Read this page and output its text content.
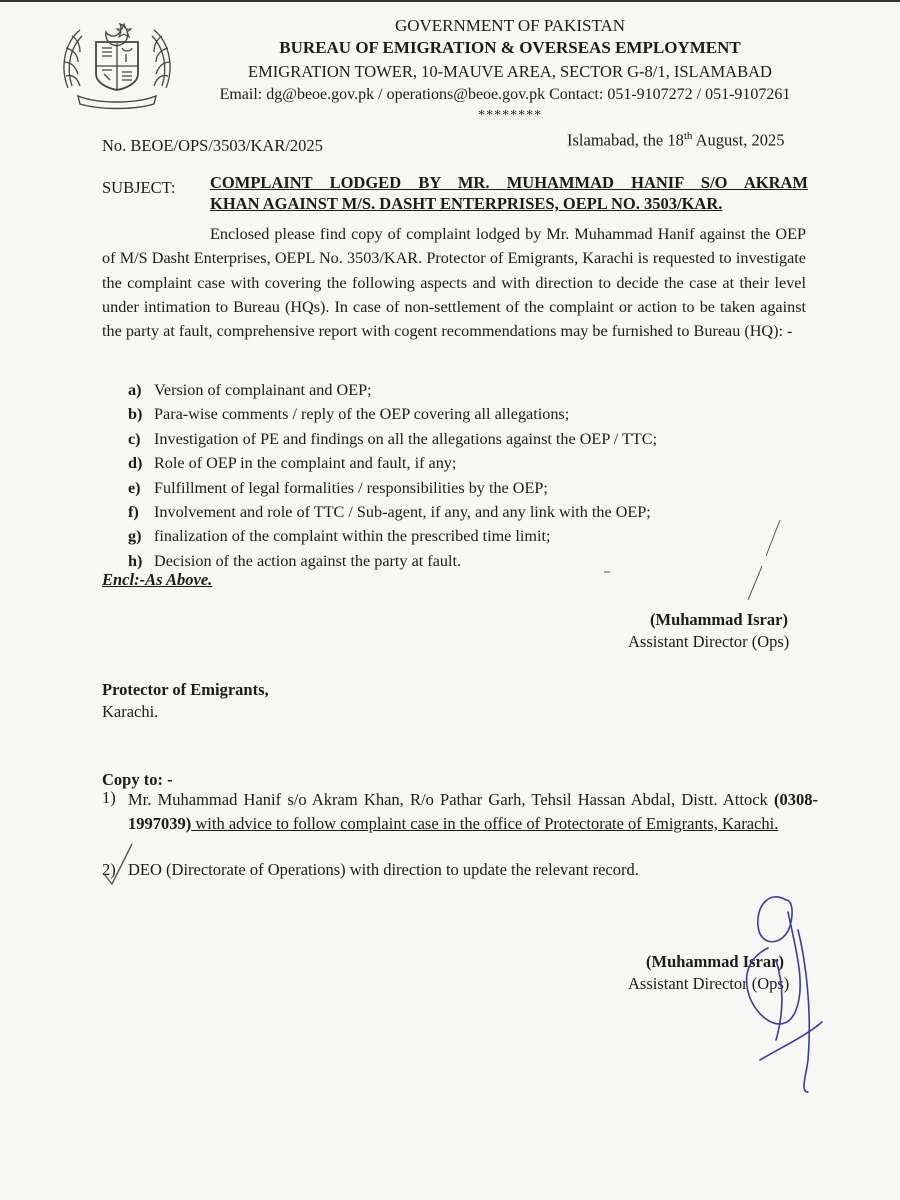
GOVERNMENT OF PAKISTAN
BUREAU OF EMIGRATION & OVERSEAS EMPLOYMENT
EMIGRATION TOWER, 10-MAUVE AREA, SECTOR G-8/1, ISLAMABAD
Email: dg@beoe.gov.pk / operations@beoe.gov.pk Contact: 051-9107272 / 051-9107261
********
No. BEOE/OPS/3503/KAR/2025	Islamabad, the 18th August, 2025
SUBJECT: COMPLAINT LODGED BY MR. MUHAMMAD HANIF S/O AKRAM
KHAN AGAINST M/S. DASHT ENTERPRISES, OEPL NO. 3503/KAR.

Enclosed please find copy of complaint lodged by Mr. Muhammad Hanif against the OEP of M/S Dasht Enterprises, OEPL No. 3503/KAR. Protector of Emigrants, Karachi is requested to investigate the complaint case with covering the following aspects and with direction to decide the case at their level under intimation to Bureau (HQs). In case of non-settlement of the complaint or action to be taken against the party at fault, comprehensive report with cogent recommendations may be furnished to Bureau (HQ): -

a) Version of complainant and OEP;
b) Para-wise comments / reply of the OEP covering all allegations;
c) Investigation of PE and findings on all the allegations against the OEP / TTC;
d) Role of OEP in the complaint and fault, if any;
e) Fulfillment of legal formalities / responsibilities by the OEP;
f) Involvement and role of TTC / Sub-agent, if any, and any link with the OEP;
g) finalization of the complaint within the prescribed time limit;
h) Decision of the action against the party at fault.
Encl:-As Above.
(Muhammad Israr)
Assistant Director (Ops)
Protector of Emigrants,
Karachi.
Copy to: -
1) Mr. Muhammad Hanif s/o Akram Khan, R/o Pathar Garh, Tehsil Hassan Abdal, Distt. Attock (0308-1997039) with advice to follow complaint case in the office of Protectorate of Emigrants, Karachi.

2) DEO (Directorate of Operations) with direction to update the relevant record.
(Muhammad Israr)
Assistant Director (Ops)
